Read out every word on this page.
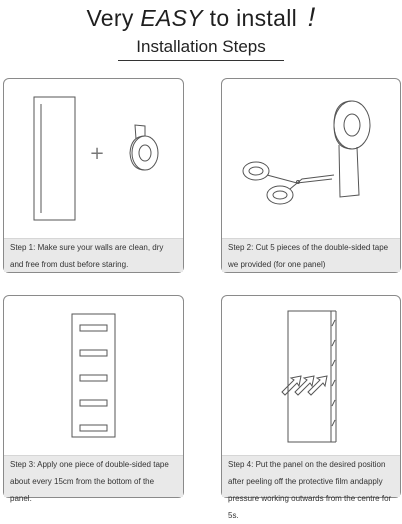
Very EASY to install !
Installation Steps
+
Step 1: Make sure your walls are clean, dry and free from dust before staring.
Step 2: Cut 5 pieces of the double-sided tape we provided (for one panel)
Step 3: Apply one piece of double-sided tape about every 15cm from the bottom of the panel.
Step 4: Put the panel on the desired position after peeling off the protective film andapply pressure working outwards from the centre for 5s.
